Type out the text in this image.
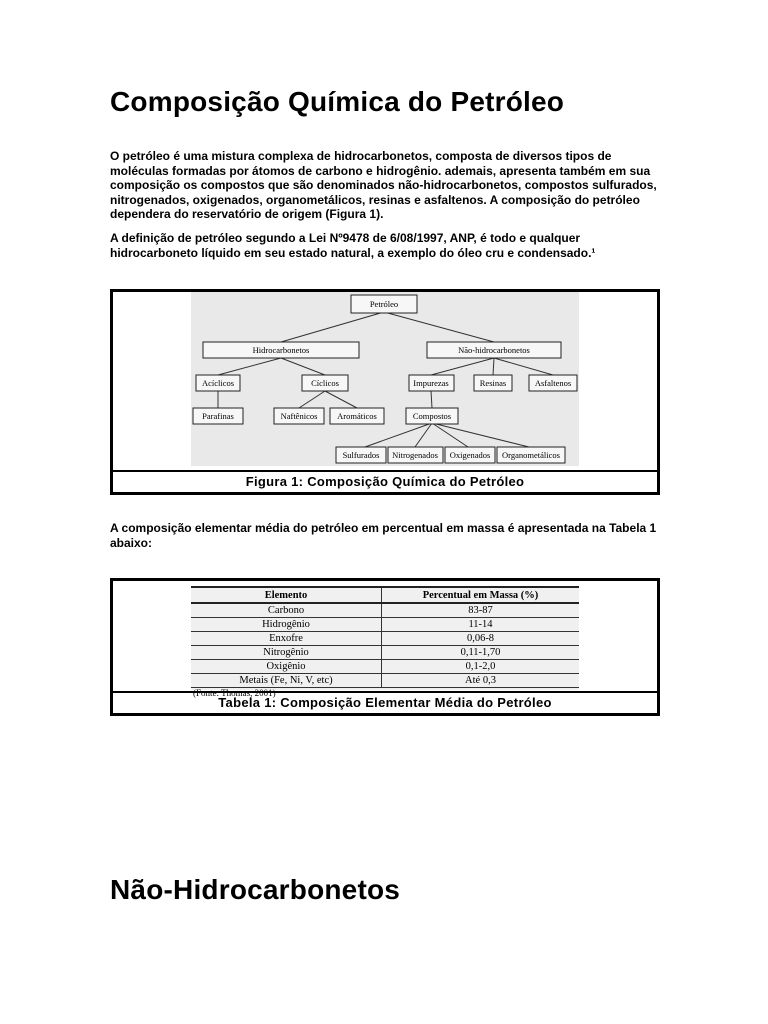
Composição Química do Petróleo

O petróleo é uma mistura complexa de hidrocarbonetos, composta de diversos tipos de moléculas formadas por átomos de carbono e hidrogênio. ademais, apresenta também em sua composição os compostos que são denominados não-hidrocarbonetos, compostos sulfurados, nitrogenados, oxigenados, organometálicos, resinas e asfaltenos. A composição do petróleo dependera do reservatório de origem (Figura 1).

A definição de petróleo segundo a Lei Nº9478 de 6/08/1997, ANP, é todo e qualquer hidrocarboneto líquido em seu estado natural, a exemplo do óleo cru e condensado.¹

Petróleo
Hidrocarbonetos	Não-hidrocarbonetos
Acíclicos	Cíclicos	Impurezas	Resinas	Asfaltenos
Parafinas	Naftênicos Aromáticos	Compostos
Sulfurados Nitrogenados Oxigenados Organometálicos
Figura 1: Composição Química do Petróleo

A composição elementar média do petróleo em percentual em massa é apresentada na Tabela 1 abaixo:

Elemento	Percentual em Massa (%)
Carbono	83-87
Hidrogênio	11-14
Enxofre	0,06-8
Nitrogênio	0,11-1,70
Oxigênio	0,1-2,0
Metais (Fe, Ni, V, etc)	Até 0,3
(Fonte: Thomas, 2001)
Tabela 1: Composição Elementar Média do Petróleo
Não-Hidrocarbonetos
